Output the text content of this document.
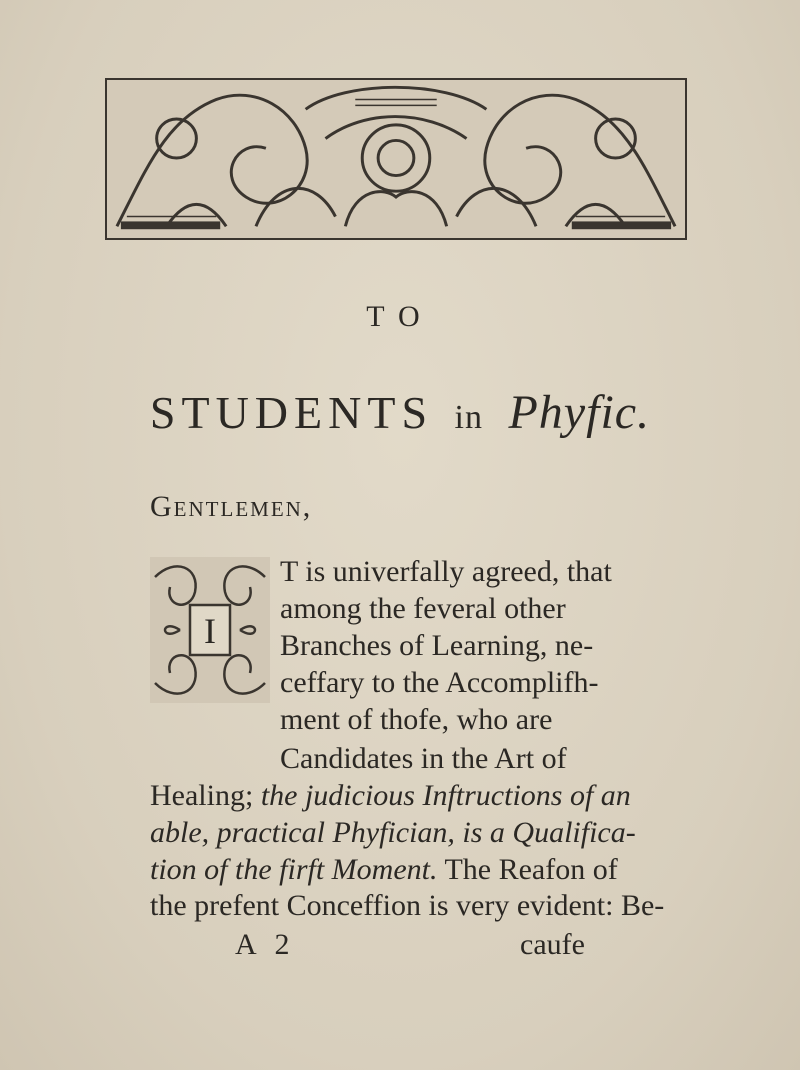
TO
STUDENTS in Phyfic.
Gentlemen,
I
T is univerfally agreed, that
among the feveral other
Branches of Learning, ne-
ceffary to the Accomplifh-
ment of thofe, who are
Candidates in the Art of
Healing; the judicious Inftructions of an
able, practical Phyfician, is a Qualifica-
tion of the firft Moment. The Reafon of
the prefent Conceffion is very evident: Be-
A 2	caufe
